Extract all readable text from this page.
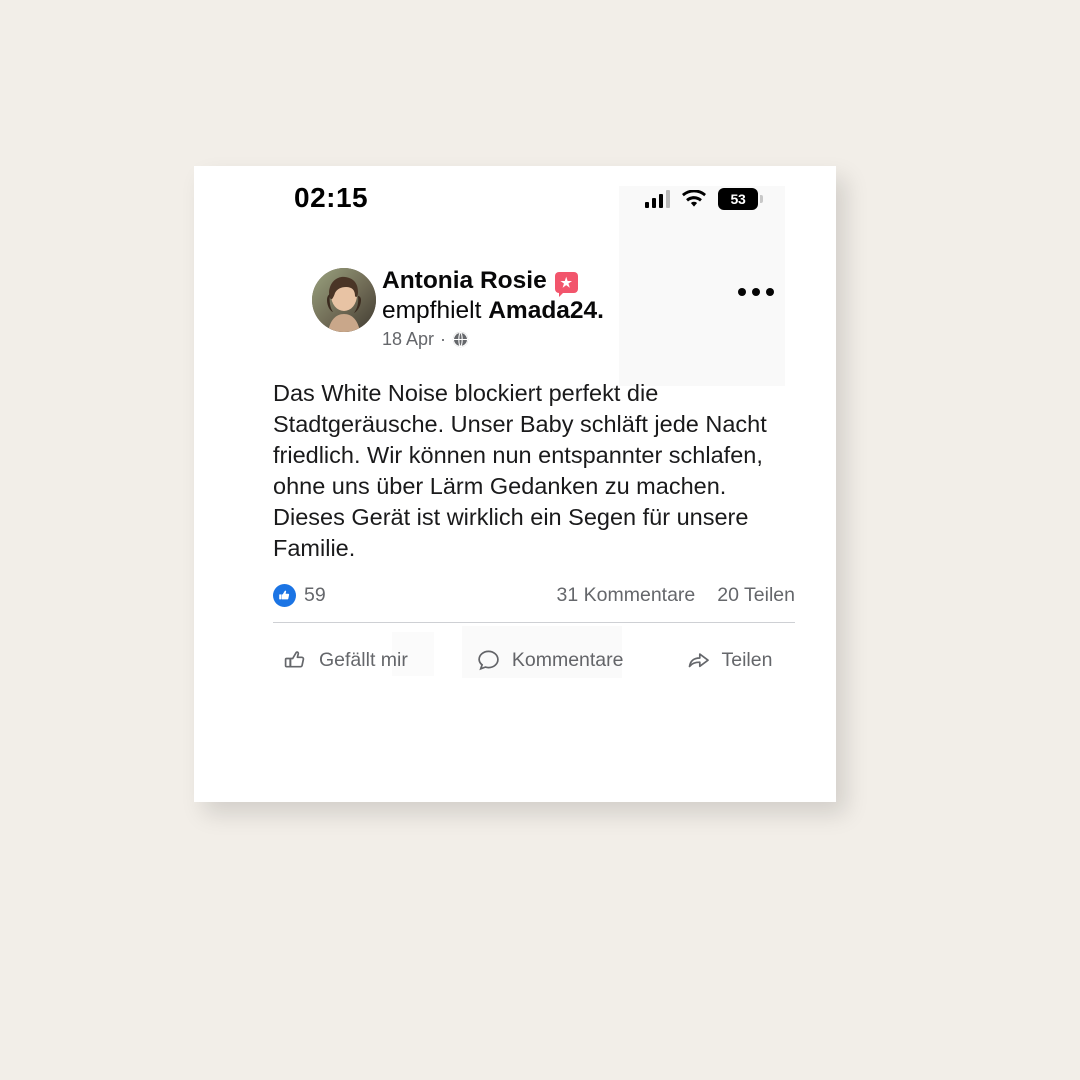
02:15	53
Antonia Rosie ★
empfhielt Amada24.
18 Apr ·
Das White Noise blockiert perfekt die Stadtgeräusche. Unser Baby schläft jede Nacht friedlich. Wir können nun entspannter schlafen, ohne uns über Lärm Gedanken zu machen. Dieses Gerät ist wirklich ein Segen für unsere Familie.
59	31 Kommentare 20 Teilen
Gefällt mir	Kommentare	Teilen
